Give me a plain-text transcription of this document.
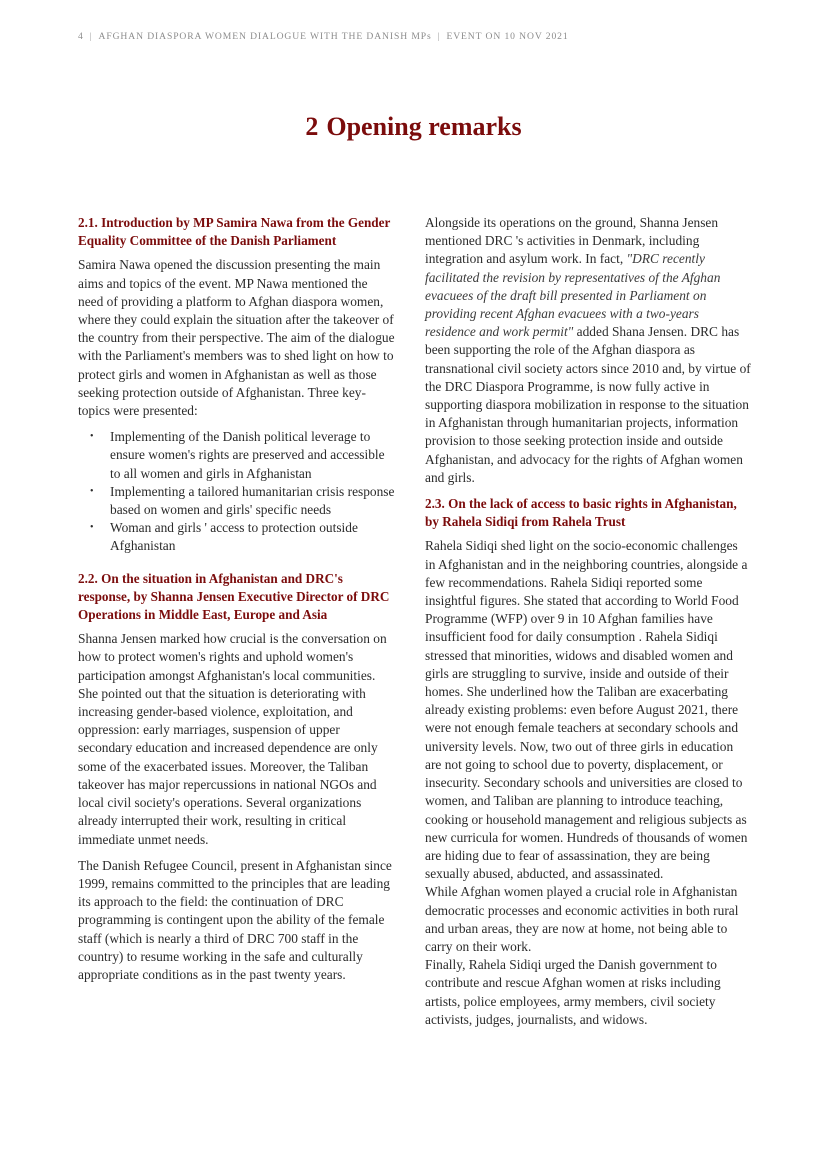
4 | AFGHAN DIASPORA WOMEN DIALOGUE WITH THE DANISH MPs | EVENT ON 10 NOV 2021
2 Opening remarks
2.1. Introduction by MP Samira Nawa from the Gender Equality Committee of the Danish Parliament

Samira Nawa opened the discussion presenting the main aims and topics of the event. MP Nawa mentioned the need of providing a platform to Afghan diaspora women, where they could explain the situation after the takeover of the country from their perspective. The aim of the dialogue with the Parliament's members was to shed light on how to protect girls and women in Afghanistan as well as those seeking protection outside of Afghanistan. Three key-topics were presented:

• Implementing of the Danish political leverage to ensure women's rights are preserved and accessible to all women and girls in Afghanistan
• Implementing a tailored humanitarian crisis response based on women and girls' specific needs
• Woman and girls ' access to protection outside Afghanistan
2.2. On the situation in Afghanistan and DRC's response, by Shanna Jensen Executive Director of DRC Operations in Middle East, Europe and Asia

Shanna Jensen marked how crucial is the conversation on how to protect women's rights and uphold women's participation amongst Afghanistan's local communities. She pointed out that the situation is deteriorating with increasing gender-based violence, exploitation, and oppression: early marriages, suspension of upper secondary education and increased dependence are only some of the exacerbated issues. Moreover, the Taliban takeover has major repercussions in national NGOs and local civil society's operations. Several organizations already interrupted their work, resulting in critical immediate unmet needs.

The Danish Refugee Council, present in Afghanistan since 1999, remains committed to the principles that are leading its approach to the field: the continuation of DRC programming is contingent upon the ability of the female staff (which is nearly a third of DRC 700 staff in the country) to resume working in the safe and culturally appropriate conditions as in the past twenty years.

Alongside its operations on the ground, Shanna Jensen mentioned DRC 's activities in Denmark, including integration and asylum work. In fact, "DRC recently facilitated the revision by representatives of the Afghan evacuees of the draft bill presented in Parliament on providing recent Afghan evacuees with a two-years residence and work permit" added Shana Jensen. DRC has been supporting the role of the Afghan diaspora as transnational civil society actors since 2010 and, by virtue of the DRC Diaspora Programme, is now fully active in supporting diaspora mobilization in response to the situation in Afghanistan through humanitarian projects, information provision to those seeking protection inside and outside Afghanistan, and advocacy for the rights of Afghan women and girls.

2.3. On the lack of access to basic rights in Afghanistan, by Rahela Sidiqi from Rahela Trust

Rahela Sidiqi shed light on the socio-economic challenges in Afghanistan and in the neighboring countries, alongside a few recommendations. Rahela Sidiqi reported some insightful figures. She stated that according to World Food Programme (WFP) over 9 in 10 Afghan families have insufficient food for daily consumption . Rahela Sidiqi stressed that minorities, widows and disabled women and girls are struggling to survive, inside and outside of their homes. She underlined how the Taliban are exacerbating already existing problems: even before August 2021, there were not enough female teachers at secondary schools and university levels. Now, two out of three girls in education are not going to school due to poverty, displacement, or insecurity. Secondary schools and universities are closed to women, and Taliban are planning to introduce teaching, cooking or household management and religious subjects as new curricula for women. Hundreds of thousands of women are hiding due to fear of assassination, they are being sexually abused, abducted, and assassinated.

While Afghan women played a crucial role in Afghanistan democratic processes and economic activities in both rural and urban areas, they are now at home, not being able to carry on their work.

Finally, Rahela Sidiqi urged the Danish government to contribute and rescue Afghan women at risks including artists, police employees, army members, civil society activists, judges, journalists, and widows.
